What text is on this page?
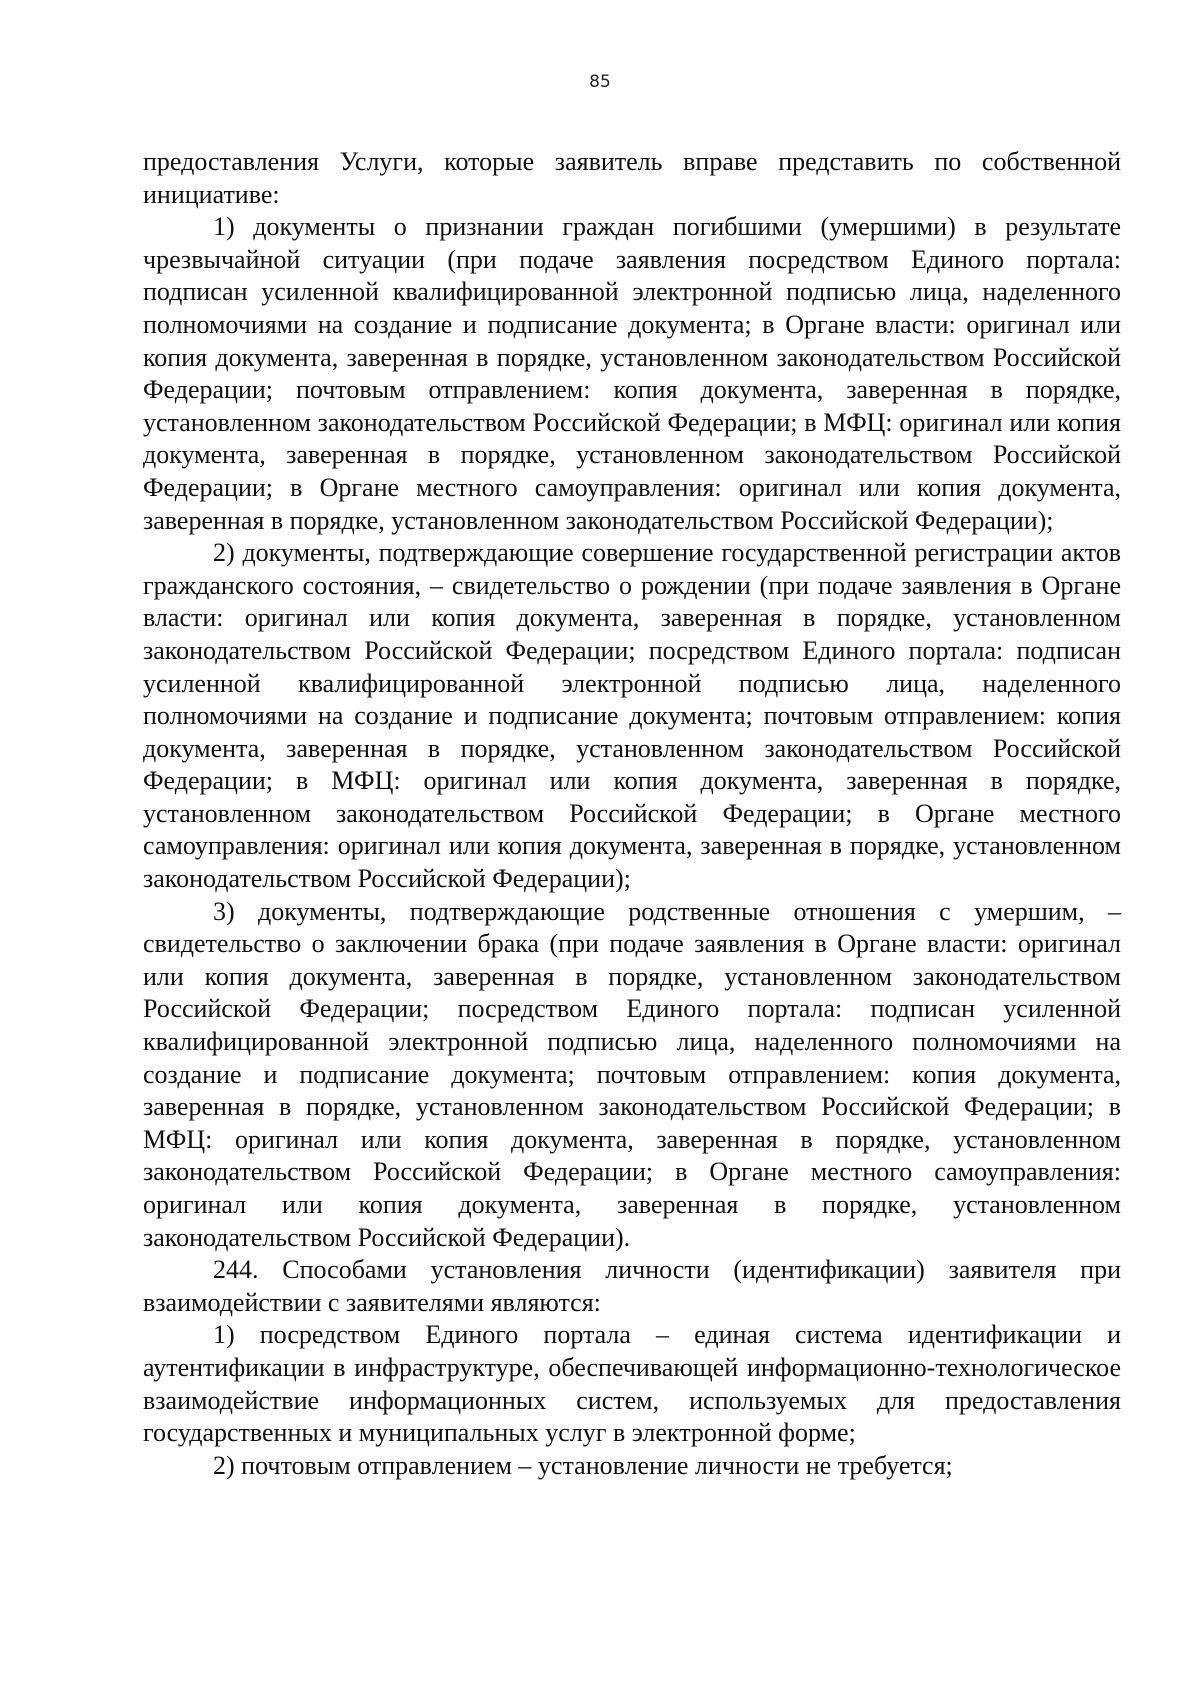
85

предоставления Услуги, которые заявитель вправе представить по собственной инициативе:

1) документы о признании граждан погибшими (умершими) в результате чрезвычайной ситуации (при подаче заявления посредством Единого портала: подписан усиленной квалифицированной электронной подписью лица, наделенного полномочиями на создание и подписание документа; в Органе власти: оригинал или копия документа, заверенная в порядке, установленном законодательством Российской Федерации; почтовым отправлением: копия документа, заверенная в порядке, установленном законодательством Российской Федерации; в МФЦ: оригинал или копия документа, заверенная в порядке, установленном законодательством Российской Федерации; в Органе местного самоуправления: оригинал или копия документа, заверенная в порядке, установленном законодательством Российской Федерации);

2) документы, подтверждающие совершение государственной регистрации актов гражданского состояния, – свидетельство о рождении (при подаче заявления в Органе власти: оригинал или копия документа, заверенная в порядке, установленном законодательством Российской Федерации; посредством Единого портала: подписан усиленной квалифицированной электронной подписью лица, наделенного полномочиями на создание и подписание документа; почтовым отправлением: копия документа, заверенная в порядке, установленном законодательством Российской Федерации; в МФЦ: оригинал или копия документа, заверенная в порядке, установленном законодательством Российской Федерации; в Органе местного самоуправления: оригинал или копия документа, заверенная в порядке, установленном законодательством Российской Федерации);

3) документы, подтверждающие родственные отношения с умершим, – свидетельство о заключении брака (при подаче заявления в Органе власти: оригинал или копия документа, заверенная в порядке, установленном законодательством Российской Федерации; посредством Единого портала: подписан усиленной квалифицированной электронной подписью лица, наделенного полномочиями на создание и подписание документа; почтовым отправлением: копия документа, заверенная в порядке, установленном законодательством Российской Федерации; в МФЦ: оригинал или копия документа, заверенная в порядке, установленном законодательством Российской Федерации; в Органе местного самоуправления: оригинал или копия документа, заверенная в порядке, установленном законодательством Российской Федерации).

244. Способами установления личности (идентификации) заявителя при взаимодействии с заявителями являются:

1) посредством Единого портала – единая система идентификации и аутентификации в инфраструктуре, обеспечивающей информационно-технологическое взаимодействие информационных систем, используемых для предоставления государственных и муниципальных услуг в электронной форме;

2) почтовым отправлением – установление личности не требуется;
